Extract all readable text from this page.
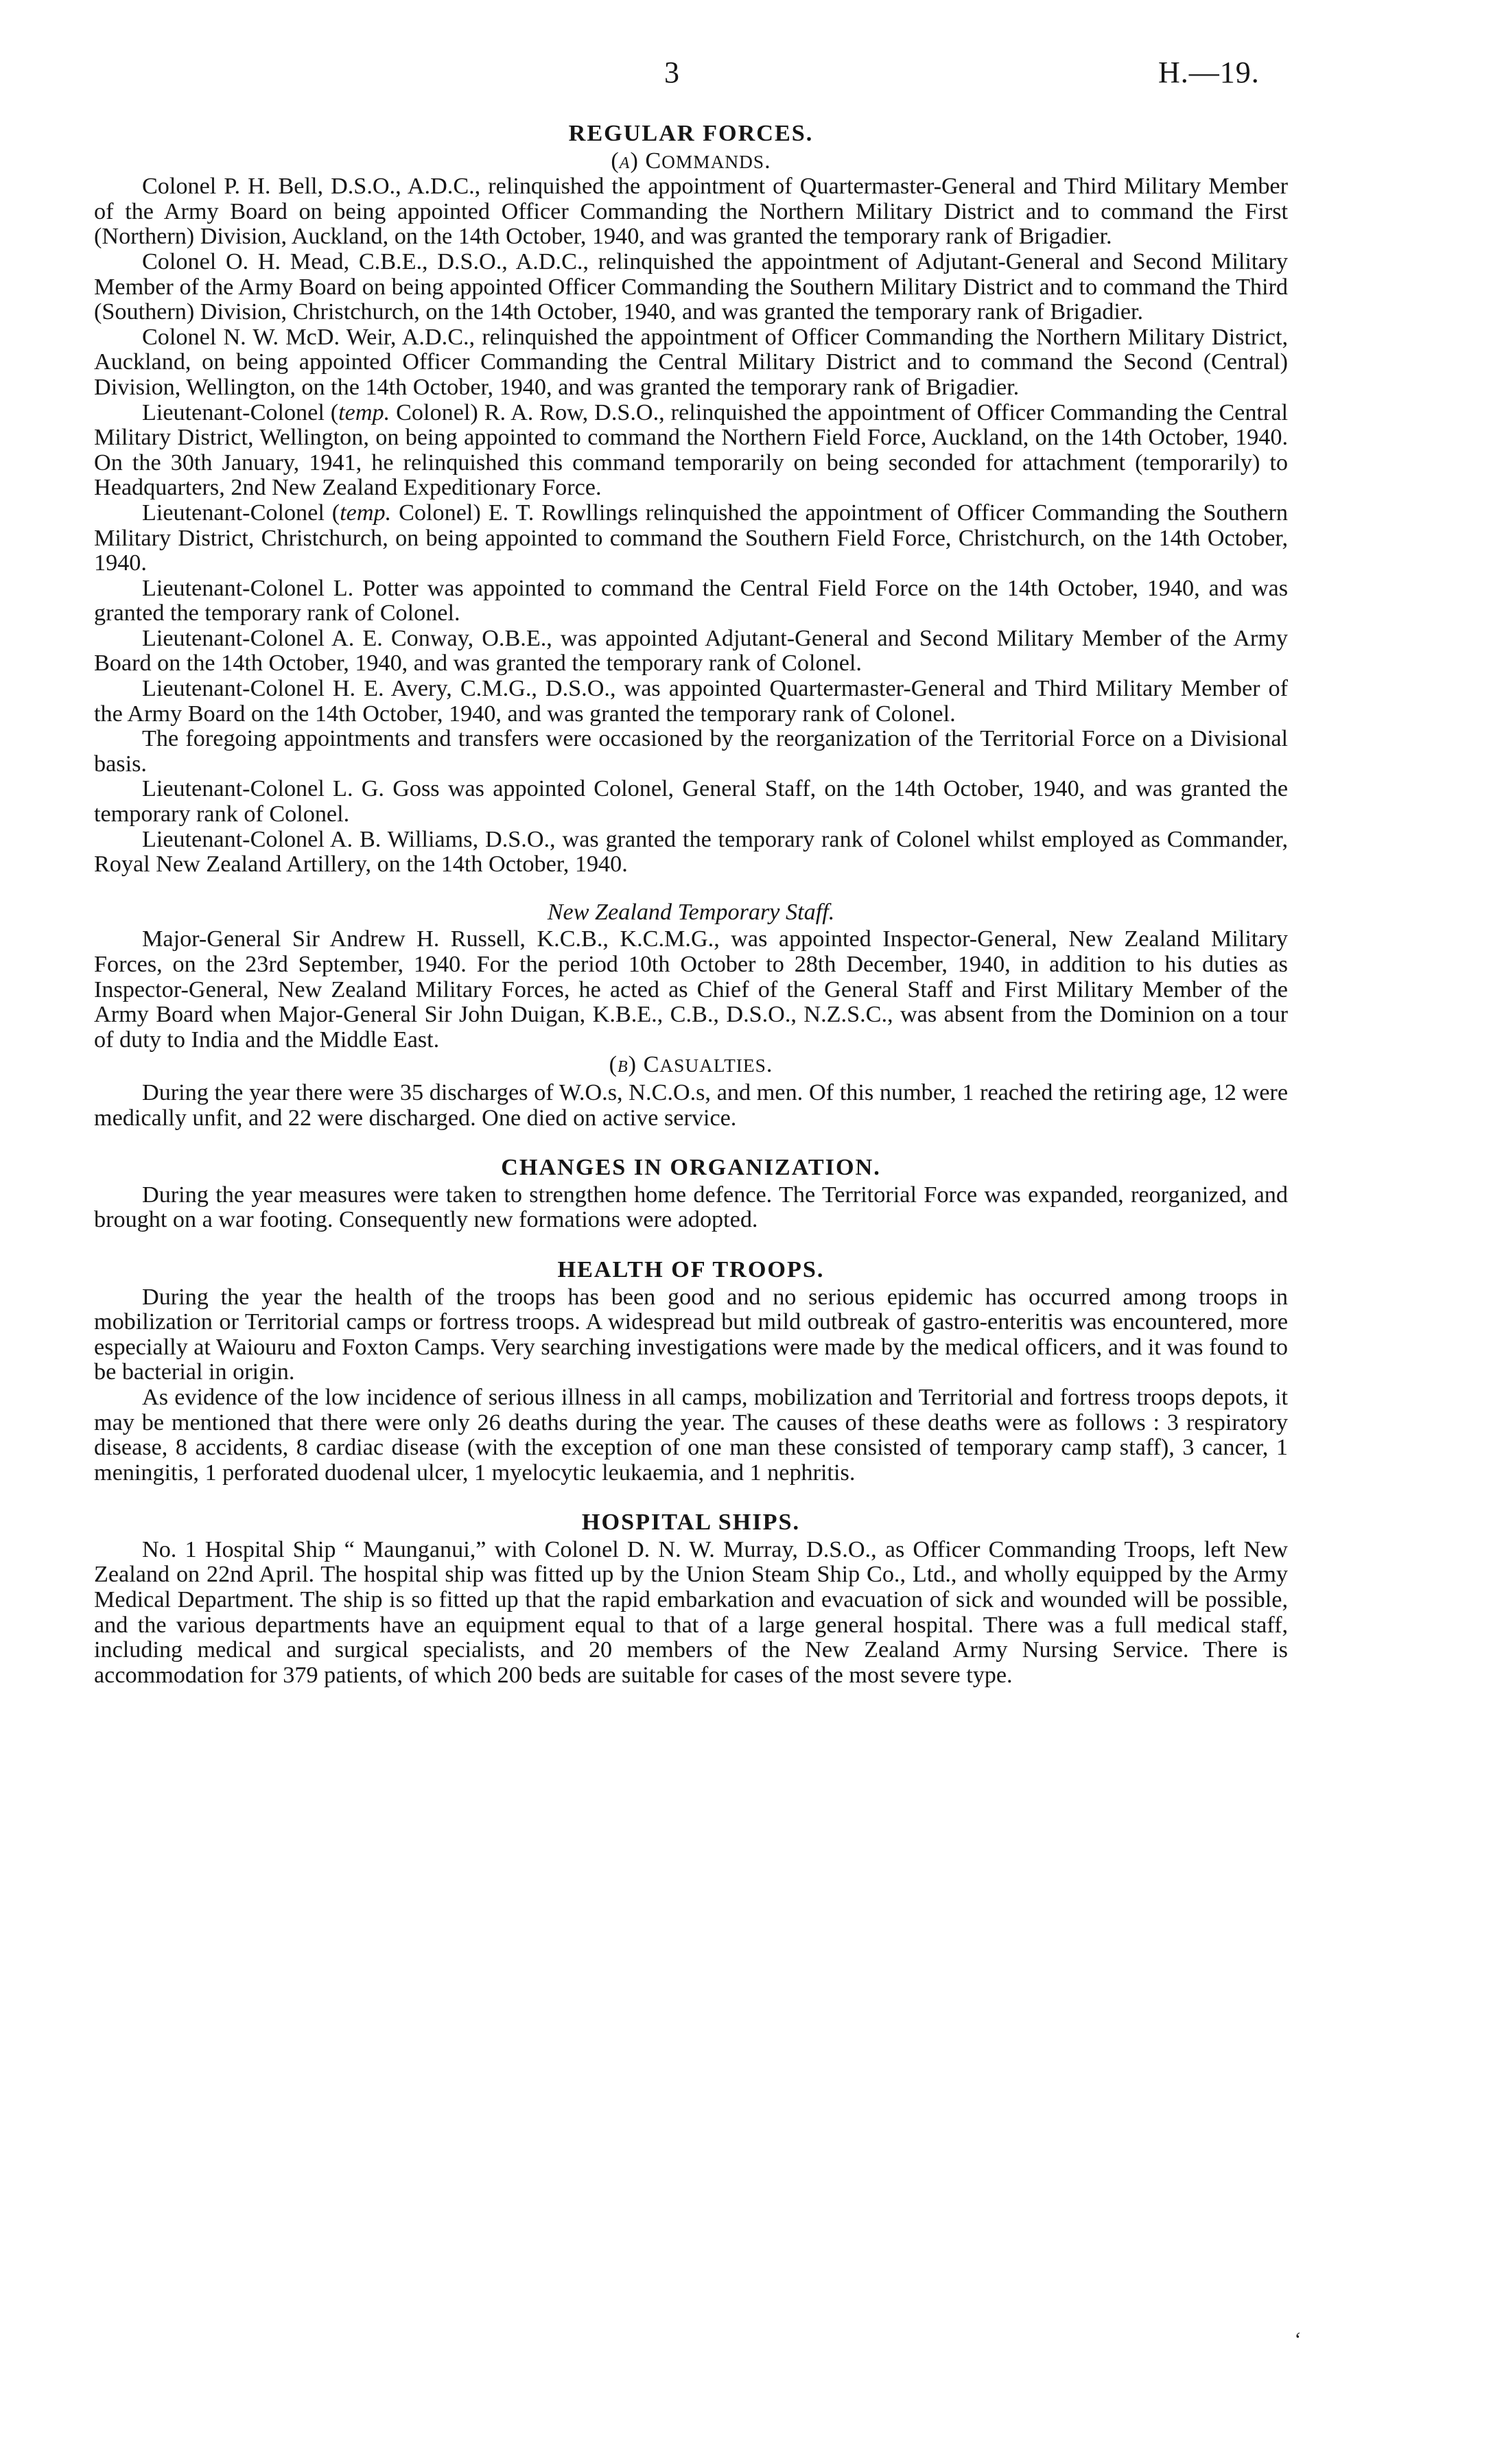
3	H.—19.
REGULAR FORCES.
(a) COMMANDS.

Colonel P. H. Bell, D.S.O., A.D.C., relinquished the appointment of Quartermaster-General and Third Military Member of the Army Board on being appointed Officer Commanding the Northern Military District and to command the First (Northern) Division, Auckland, on the 14th October, 1940, and was granted the temporary rank of Brigadier.

Colonel O. H. Mead, C.B.E., D.S.O., A.D.C., relinquished the appointment of Adjutant-General and Second Military Member of the Army Board on being appointed Officer Commanding the Southern Military District and to command the Third (Southern) Division, Christchurch, on the 14th October, 1940, and was granted the temporary rank of Brigadier.

Colonel N. W. McD. Weir, A.D.C., relinquished the appointment of Officer Commanding the Northern Military District, Auckland, on being appointed Officer Commanding the Central Military District and to command the Second (Central) Division, Wellington, on the 14th October, 1940, and was granted the temporary rank of Brigadier.

Lieutenant-Colonel (temp. Colonel) R. A. Row, D.S.O., relinquished the appointment of Officer Commanding the Central Military District, Wellington, on being appointed to command the Northern Field Force, Auckland, on the 14th October, 1940. On the 30th January, 1941, he relinquished this command temporarily on being seconded for attachment (temporarily) to Headquarters, 2nd New Zealand Expeditionary Force.

Lieutenant-Colonel (temp. Colonel) E. T. Rowllings relinquished the appointment of Officer Commanding the Southern Military District, Christchurch, on being appointed to command the Southern Field Force, Christchurch, on the 14th October, 1940.

Lieutenant-Colonel L. Potter was appointed to command the Central Field Force on the 14th October, 1940, and was granted the temporary rank of Colonel.

Lieutenant-Colonel A. E. Conway, O.B.E., was appointed Adjutant-General and Second Military Member of the Army Board on the 14th October, 1940, and was granted the temporary rank of Colonel.

Lieutenant-Colonel H. E. Avery, C.M.G., D.S.O., was appointed Quartermaster-General and Third Military Member of the Army Board on the 14th October, 1940, and was granted the temporary rank of Colonel.

The foregoing appointments and transfers were occasioned by the reorganization of the Territorial Force on a Divisional basis.

Lieutenant-Colonel L. G. Goss was appointed Colonel, General Staff, on the 14th October, 1940, and was granted the temporary rank of Colonel.

Lieutenant-Colonel A. B. Williams, D.S.O., was granted the temporary rank of Colonel whilst employed as Commander, Royal New Zealand Artillery, on the 14th October, 1940.

New Zealand Temporary Staff.

Major-General Sir Andrew H. Russell, K.C.B., K.C.M.G., was appointed Inspector-General, New Zealand Military Forces, on the 23rd September, 1940. For the period 10th October to 28th December, 1940, in addition to his duties as Inspector-General, New Zealand Military Forces, he acted as Chief of the General Staff and First Military Member of the Army Board when Major-General Sir John Duigan, K.B.E., C.B., D.S.O., N.Z.S.C., was absent from the Dominion on a tour of duty to India and the Middle East.

(b) CASUALTIES.

During the year there were 35 discharges of W.O.s, N.C.O.s, and men. Of this number, 1 reached the retiring age, 12 were medically unfit, and 22 were discharged. One died on active service.

CHANGES IN ORGANIZATION.

During the year measures were taken to strengthen home defence. The Territorial Force was expanded, reorganized, and brought on a war footing. Consequently new formations were adopted.

HEALTH OF TROOPS.

During the year the health of the troops has been good and no serious epidemic has occurred among troops in mobilization or Territorial camps or fortress troops. A widespread but mild outbreak of gastro-enteritis was encountered, more especially at Waiouru and Foxton Camps. Very searching investigations were made by the medical officers, and it was found to be bacterial in origin.

As evidence of the low incidence of serious illness in all camps, mobilization and Territorial and fortress troops depots, it may be mentioned that there were only 26 deaths during the year. The causes of these deaths were as follows : 3 respiratory disease, 8 accidents, 8 cardiac disease (with the exception of one man these consisted of temporary camp staff), 3 cancer, 1 meningitis, 1 perforated duodenal ulcer, 1 myelocytic leukaemia, and 1 nephritis.

HOSPITAL SHIPS.

No. 1 Hospital Ship “ Maunganui,” with Colonel D. N. W. Murray, D.S.O., as Officer Commanding Troops, left New Zealand on 22nd April. The hospital ship was fitted up by the Union Steam Ship Co., Ltd., and wholly equipped by the Army Medical Department. The ship is so fitted up that the rapid embarkation and evacuation of sick and wounded will be possible, and the various departments have an equipment equal to that of a large general hospital. There was a full medical staff, including medical and surgical specialists, and 20 members of the New Zealand Army Nursing Service. There is accommodation for 379 patients, of which 200 beds are suitable for cases of the most severe type.

‘
